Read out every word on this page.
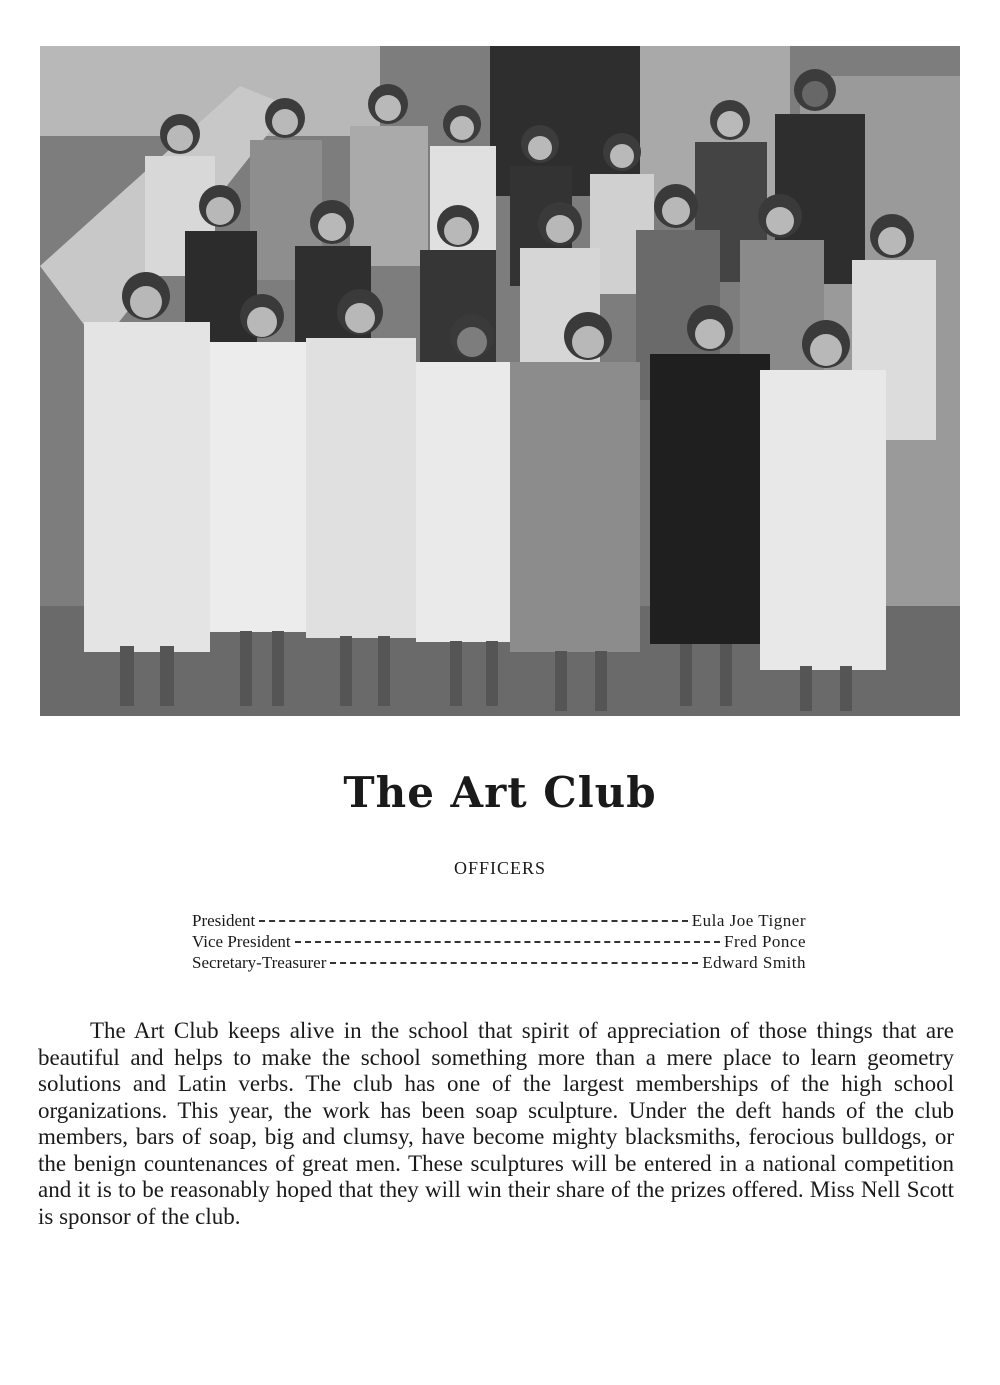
The Art Club
OFFICERS
President	Eula Joe Tigner
Vice President	Fred Ponce
Secretary-Treasurer	Edward Smith

The Art Club keeps alive in the school that spirit of appreciation of those things that are beautiful and helps to make the school something more than a mere place to learn geometry solutions and Latin verbs. The club has one of the largest memberships of the high school organizations. This year, the work has been soap sculpture. Under the deft hands of the club members, bars of soap, big and clumsy, have become mighty blacksmiths, ferocious bulldogs, or the benign countenances of great men. These sculptures will be entered in a national competition and it is to be reasonably hoped that they will win their share of the prizes offered. Miss Nell Scott is sponsor of the club.
